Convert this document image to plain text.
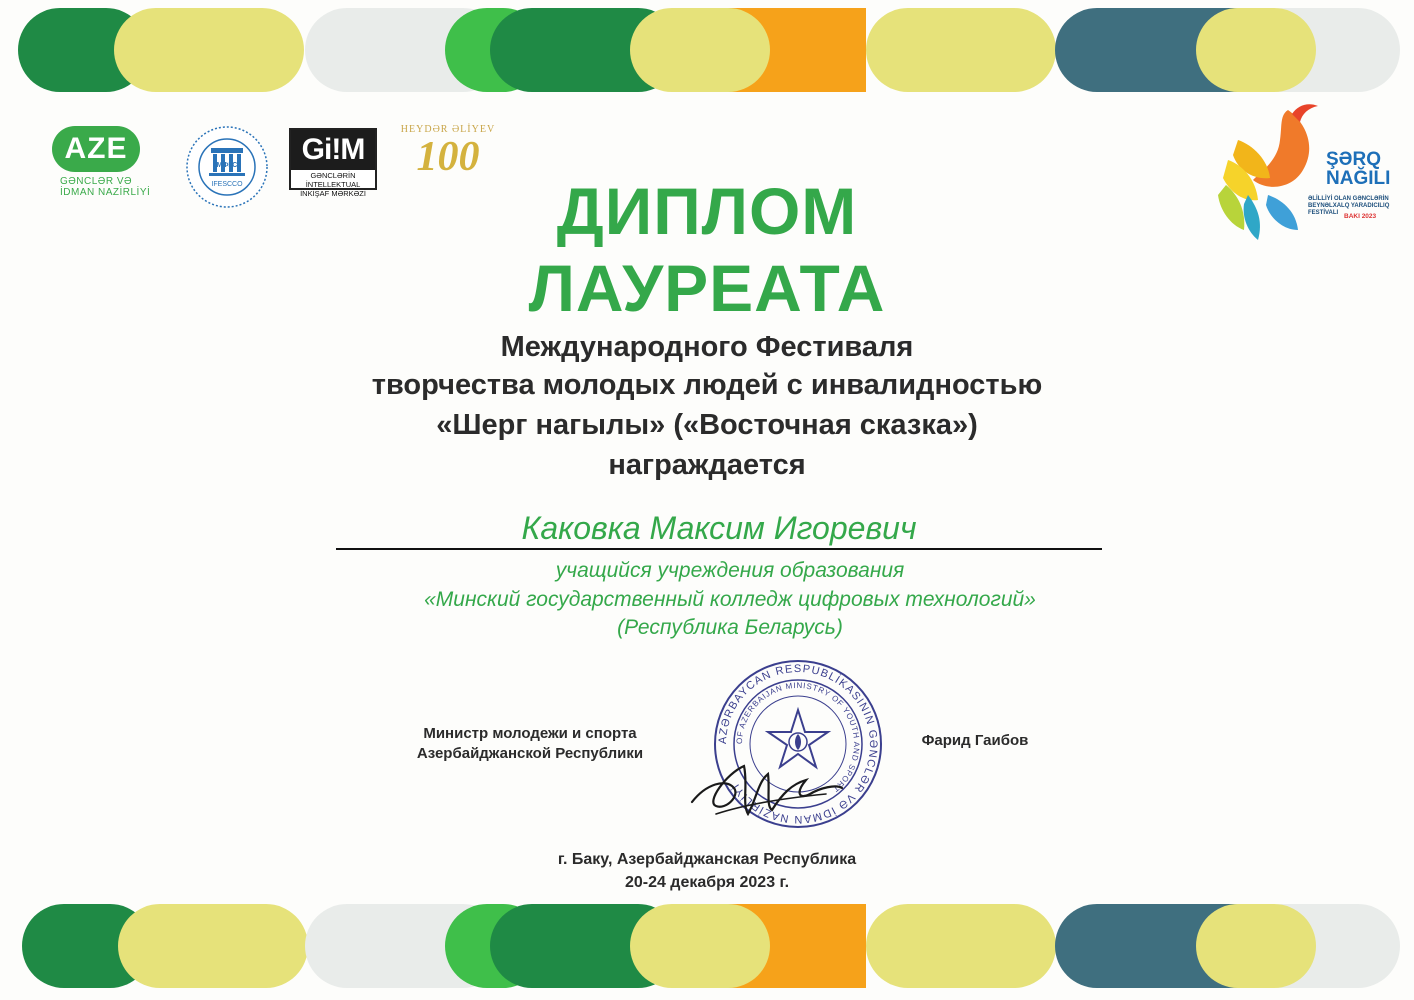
AZE
GƏNCLƏR VƏ
İDMAN NAZİRLİYİ
МФГС
IFESCCO
Gi!M
GƏNCLƏRİN İNTELLEKTUAL
İNKİŞAF MƏRKƏZİ
HEYDƏR ƏLİYEV
100	ŞƏRQ
NAĞILI
ƏLİLLİYİ OLAN GƏNCLƏRİN BEYNƏLXALQ YARADICILIQ FESTİVALI BAKI 2023
ДИПЛОМ
ЛАУРЕАТА
Международного Фестиваля
творчества молодых людей с инвалидностью
«Шерг нагылы» («Восточная сказка»)
награждается
Каковка Максим Игоревич
учащийся учреждения образования
«Минский государственный колледж цифровых технологий»
(Республика Беларусь)
Министр молодежи и спорта
Азербайджанской Республики
AZƏRBAYCAN RESPUBLİKASININ GƏNCLƏR VƏ İDMAN NAZİRLİYİ
OF AZERBAIJAN MINISTRY OF YOUTH AND SPORT
Фарид Гаибов
г. Баку, Азербайджанская Республика
20-24 декабря 2023 г.
